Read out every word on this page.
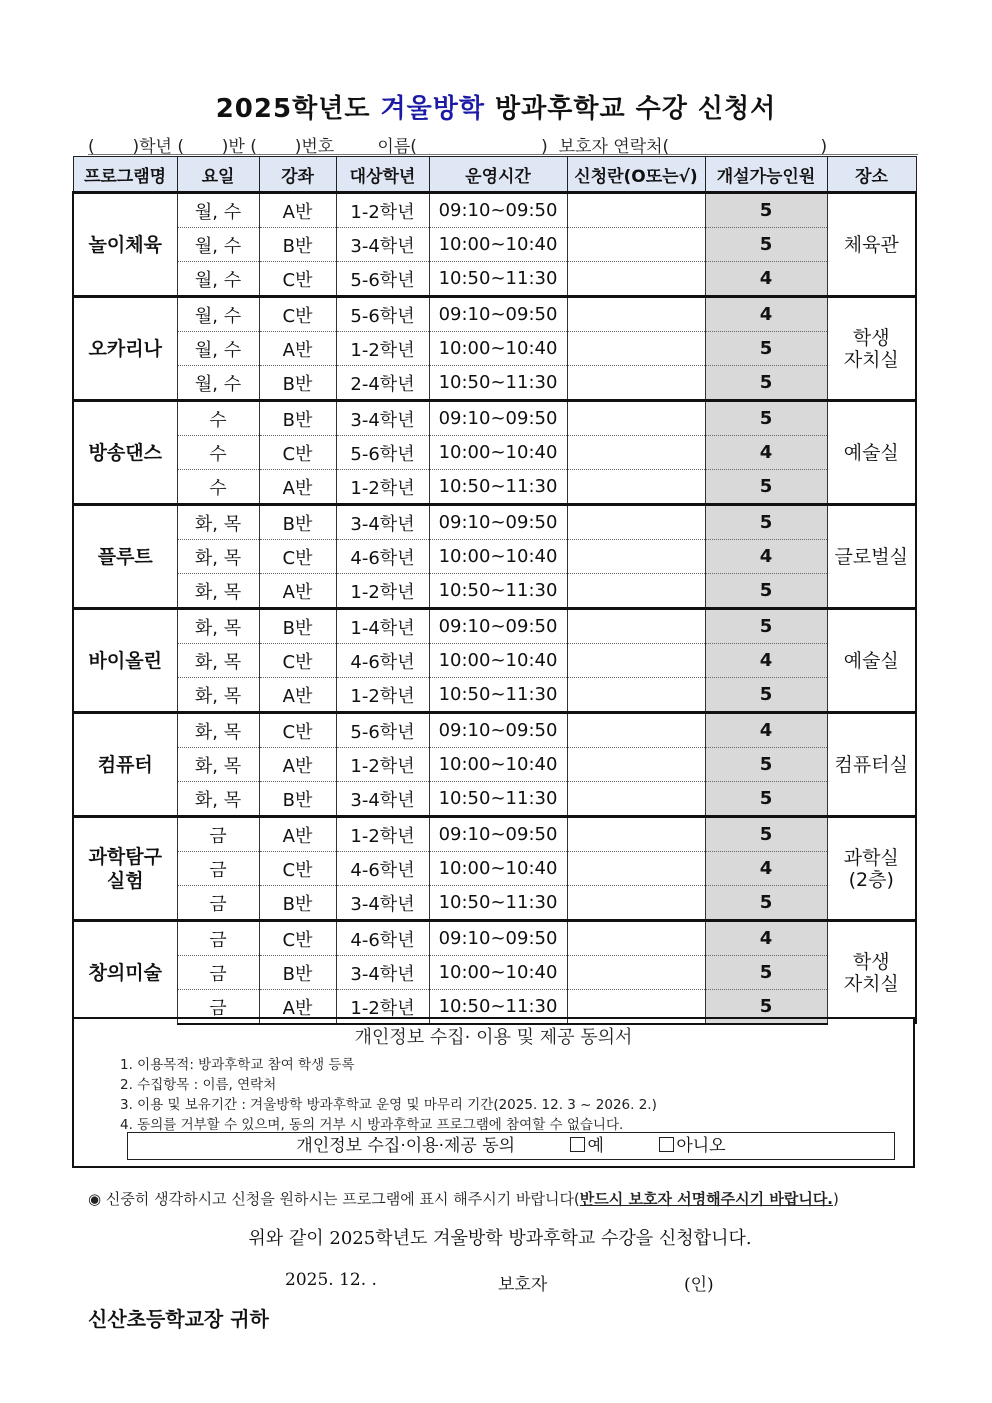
2025학년도 겨울방학 방과후학교 수강 신청서
(       )학년 (       )반 (       )번호        이름(                       )  보호자 연락처(                            )
프로그램명	요일	강좌	대상학년	운영시간	신청란(O또는√)	개설가능인원	장소
놀이체육	월, 수	A반	1-2학년	09:10~09:50		5	체육관
	월, 수	B반	3-4학년	10:00~10:40		5	
	월, 수	C반	5-6학년	10:50~11:30		4	
오카리나	월, 수	C반	5-6학년	09:10~09:50		4	학생
자치실
	월, 수	A반	1-2학년	10:00~10:40		5	
	월, 수	B반	2-4학년	10:50~11:30		5	
방송댄스	수	B반	3-4학년	09:10~09:50		5	예술실
	수	C반	5-6학년	10:00~10:40		4	
	수	A반	1-2학년	10:50~11:30		5	
플루트	화, 목	B반	3-4학년	09:10~09:50		5	글로벌실
	화, 목	C반	4-6학년	10:00~10:40		4	
	화, 목	A반	1-2학년	10:50~11:30		5	
바이올린	화, 목	B반	1-4학년	09:10~09:50		5	예술실
	화, 목	C반	4-6학년	10:00~10:40		4	
	화, 목	A반	1-2학년	10:50~11:30		5	
컴퓨터	화, 목	C반	5-6학년	09:10~09:50		4	컴퓨터실
	화, 목	A반	1-2학년	10:00~10:40		5	
	화, 목	B반	3-4학년	10:50~11:30		5	
과학탐구
실험	금	A반	1-2학년	09:10~09:50		5	과학실
(2층)
	금	C반	4-6학년	10:00~10:40		4	
	금	B반	3-4학년	10:50~11:30		5	
창의미술	금	C반	4-6학년	09:10~09:50		4	학생
자치실
	금	B반	3-4학년	10:00~10:40		5	
	금	A반	1-2학년	10:50~11:30		5	
개인정보 수집· 이용 및 제공 동의서
1. 이용목적: 방과후학교 참여 학생 등록
2. 수집항목 : 이름, 연락처
3. 이용 및 보유기간 : 겨울방학 방과후학교 운영 및 마무리 기간(2025. 12. 3 ~ 2026. 2.)
4. 동의를 거부할 수 있으며, 동의 거부 시 방과후학교 프로그램에 참여할 수 없습니다.
개인정보 수집·이용·제공 동의	예	아니오
◉ 신중히 생각하시고 신청을 원하시는 프로그램에 표시 해주시기 바랍니다(반드시 보호자 서명해주시기 바랍니다.)
위와 같이 2025학년도 겨울방학 방과후학교 수강을 신청합니다.
2025. 12. .	보호자	(인)
신산초등학교장 귀하
